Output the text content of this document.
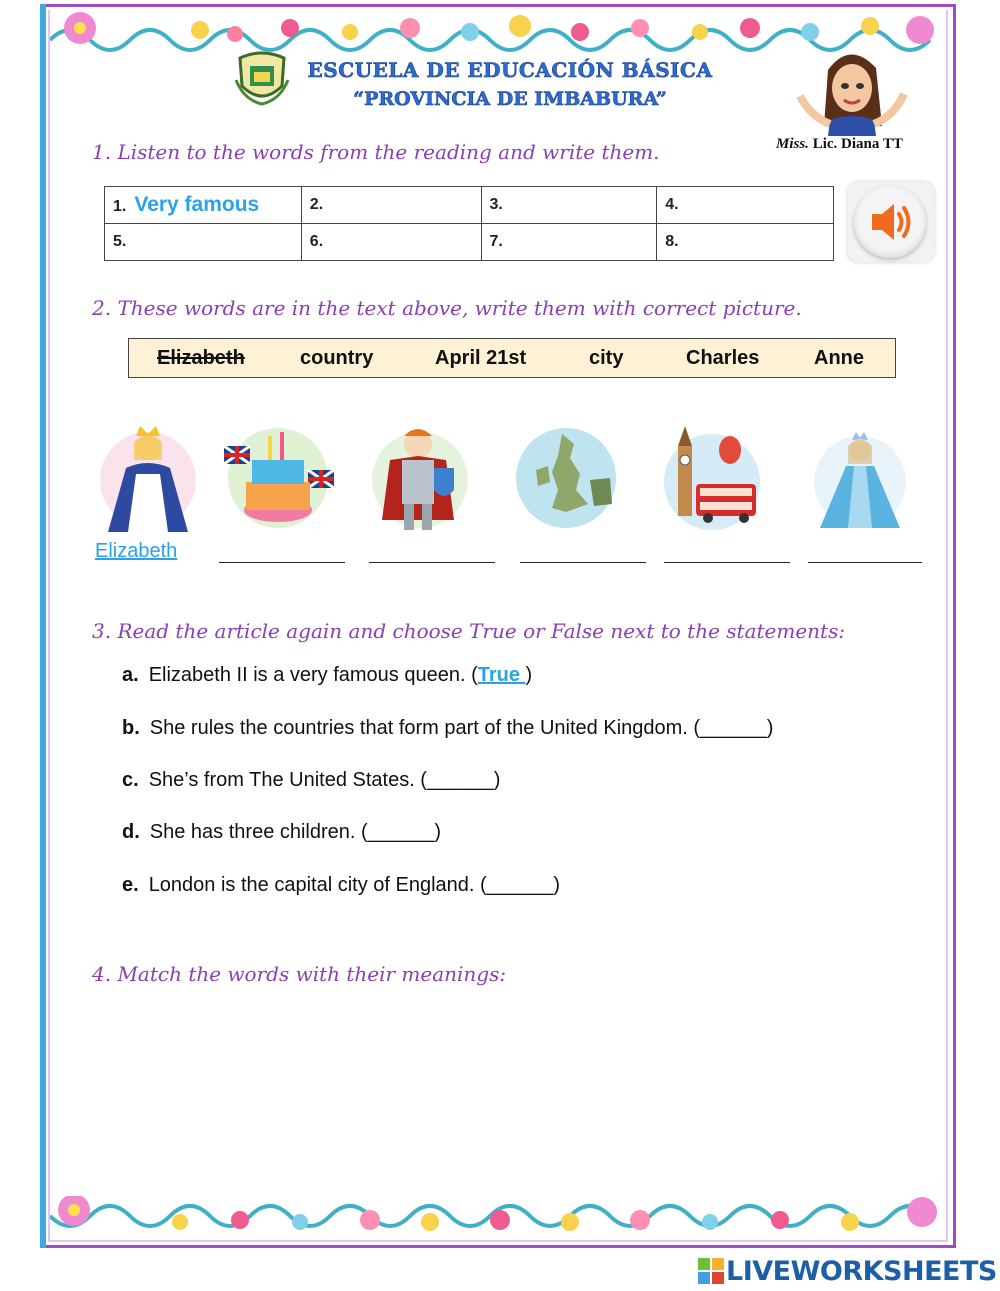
ESCUELA DE EDUCACIÓN BÁSICA
“PROVINCIA DE IMBABURA”
Miss. Lic. Diana TT
1. Listen to the words from the reading and write them.
1. Very famous	2.	3.	4.
5.	6.	7.	8.
2. These words are in the text above, write them with correct picture.
Elizabeth	country	April 21st	city	Charles	Anne
Elizabeth
3. Read the article again and choose True or False next to the statements:
a. Elizabeth II is a very famous queen. (True )
b. She rules the countries that form part of the United Kingdom. (______)
c. She’s from The United States. (______)
d. She has three children. (______)
e. London is the capital city of England. (______)
4. Match the words with their meanings:
LIVEWORKSHEETS
